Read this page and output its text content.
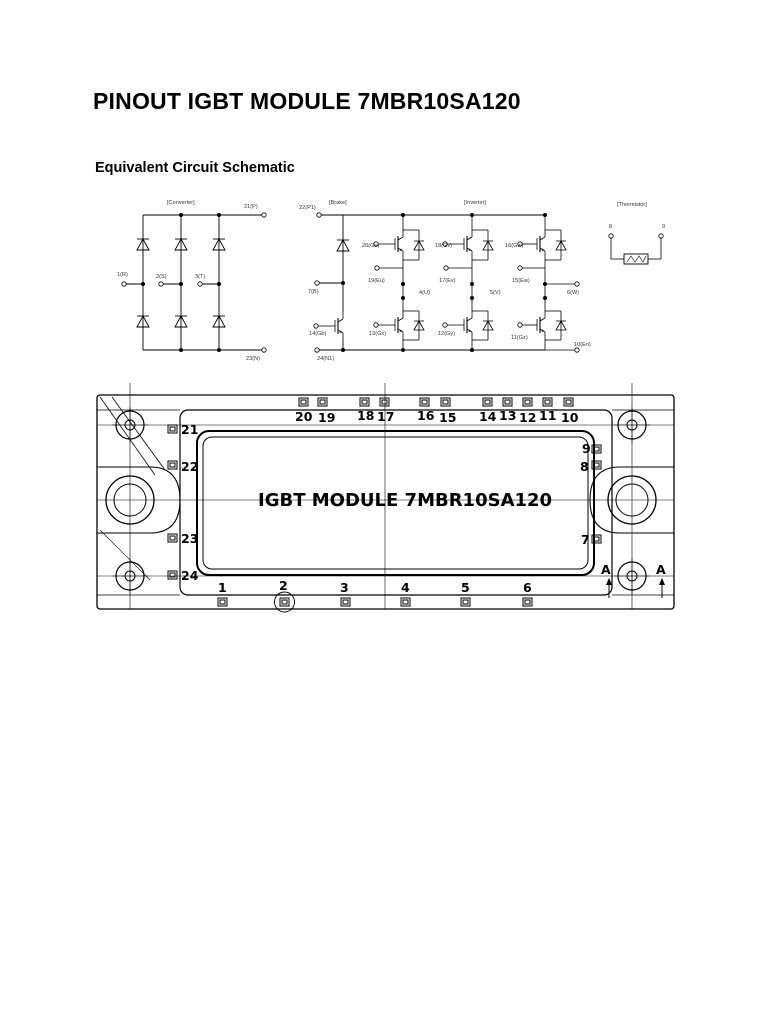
PINOUT IGBT MODULE 7MBR10SA120
Equivalent Circuit Schematic
[Converter]
1(R)	2(S)	3(T)
21(P)
23(N)
[Brake]
22(P1)
7(B)
14(Gb)
24(N1)
[Inverter]
20(Gu)
19(Eu)
4(U)
13(Gx)
18(Gv)
17(Ev)
5(V)
12(Gy)
16(Gw)
15(Ew)
6(W)
11(Gz)
10(En)
[Thermistor]
8	9
20 19 18 17 16 15 14 13 12 11 10
21
22
23
24
9
8
7
1	2	3	4	5	6
A	A
IGBT MODULE 7MBR10SA120
